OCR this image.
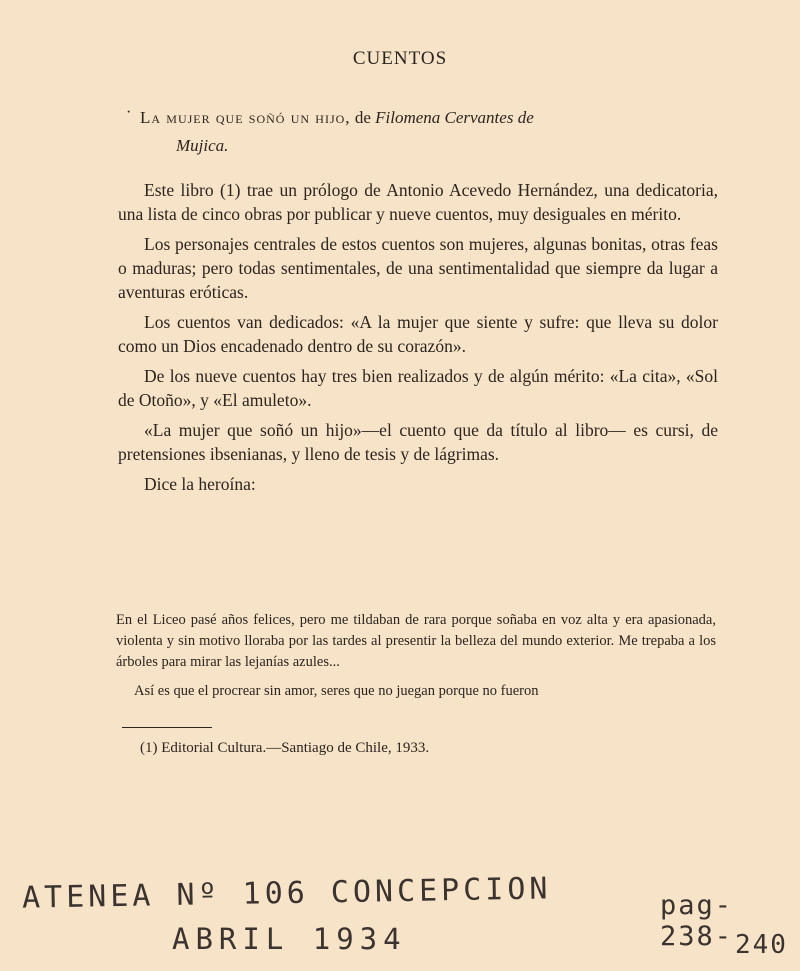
CUENTOS
· La mujer que soñó un hijo, de Filomena Cervantes de
Mujica.

Este libro (1) trae un prólogo de Antonio Acevedo Hernández, una dedicatoria, una lista de cinco obras por publicar y nueve cuentos, muy desiguales en mérito.

Los personajes centrales de estos cuentos son mujeres, algunas bonitas, otras feas o maduras; pero todas sentimentales, de una sentimentalidad que siempre da lugar a aventuras eróticas.

Los cuentos van dedicados: «A la mujer que siente y sufre: que lleva su dolor como un Dios encadenado dentro de su corazón».

De los nueve cuentos hay tres bien realizados y de algún mérito: «La cita», «Sol de Otoño», y «El amuleto».

«La mujer que soñó un hijo»—el cuento que da título al libro— es cursi, de pretensiones ibsenianas, y lleno de tesis y de lágrimas.

Dice la heroína:

En el Liceo pasé años felices, pero me tildaban de rara porque soñaba en voz alta y era apasionada, violenta y sin motivo lloraba por las tardes al presentir la belleza del mundo exterior. Me trepaba a los árboles para mirar las lejanías azules...

Así es que el procrear sin amor, seres que no juegan porque no fueron

(1) Editorial Cultura.—Santiago de Chile, 1933.
ATENEA Nº 106 CONCEPCION
ABRIL 1934
pag- 238- 240
